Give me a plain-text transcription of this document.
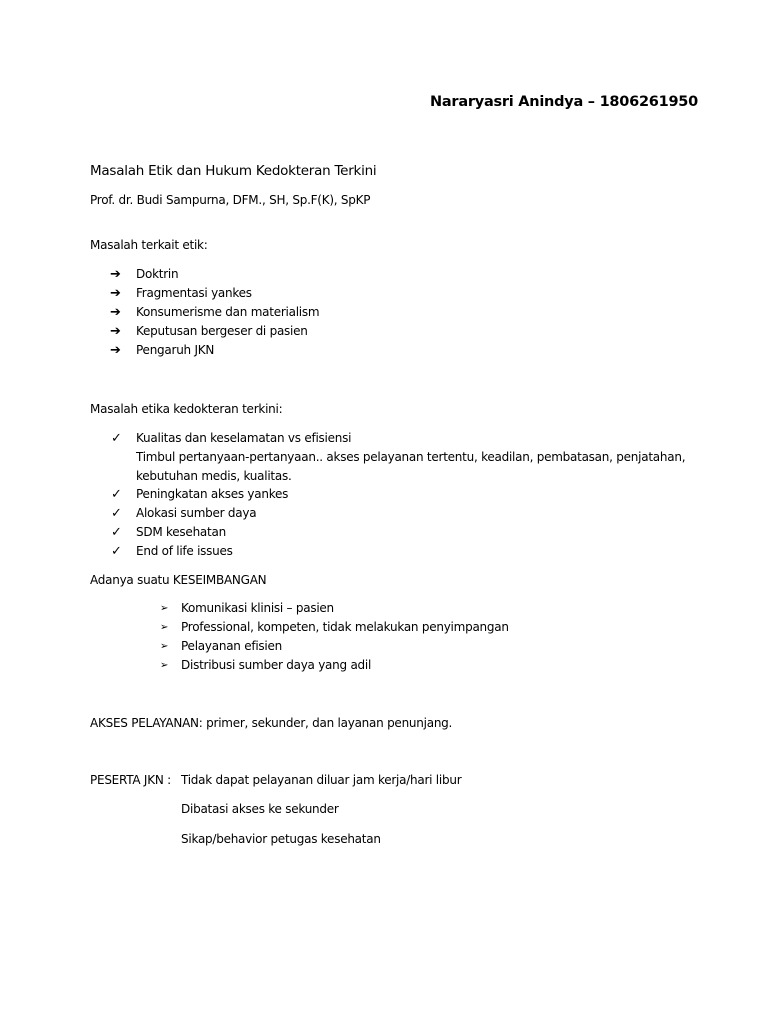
Nararyasri Anindya – 1806261950
Masalah Etik dan Hukum Kedokteran Terkini
Prof. dr. Budi Sampurna, DFM., SH, Sp.F(K), SpKP
Masalah terkait etik:
➔ Doktrin
➔ Fragmentasi yankes
➔ Konsumerisme dan materialism
➔ Keputusan bergeser di pasien
➔ Pengaruh JKN
Masalah etika kedokteran terkini:
✓ Kualitas dan keselamatan vs efisiensi
Timbul pertanyaan-pertanyaan.. akses pelayanan tertentu, keadilan, pembatasan, penjatahan, kebutuhan medis, kualitas.
✓ Peningkatan akses yankes
✓ Alokasi sumber daya
✓ SDM kesehatan
✓ End of life issues
Adanya suatu KESEIMBANGAN
➢ Komunikasi klinisi – pasien
➢ Professional, kompeten, tidak melakukan penyimpangan
➢ Pelayanan efisien
➢ Distribusi sumber daya yang adil
AKSES PELAYANAN: primer, sekunder, dan layanan penunjang.
PESERTA JKN : Tidak dapat pelayanan diluar jam kerja/hari libur
Dibatasi akses ke sekunder
Sikap/behavior petugas kesehatan
